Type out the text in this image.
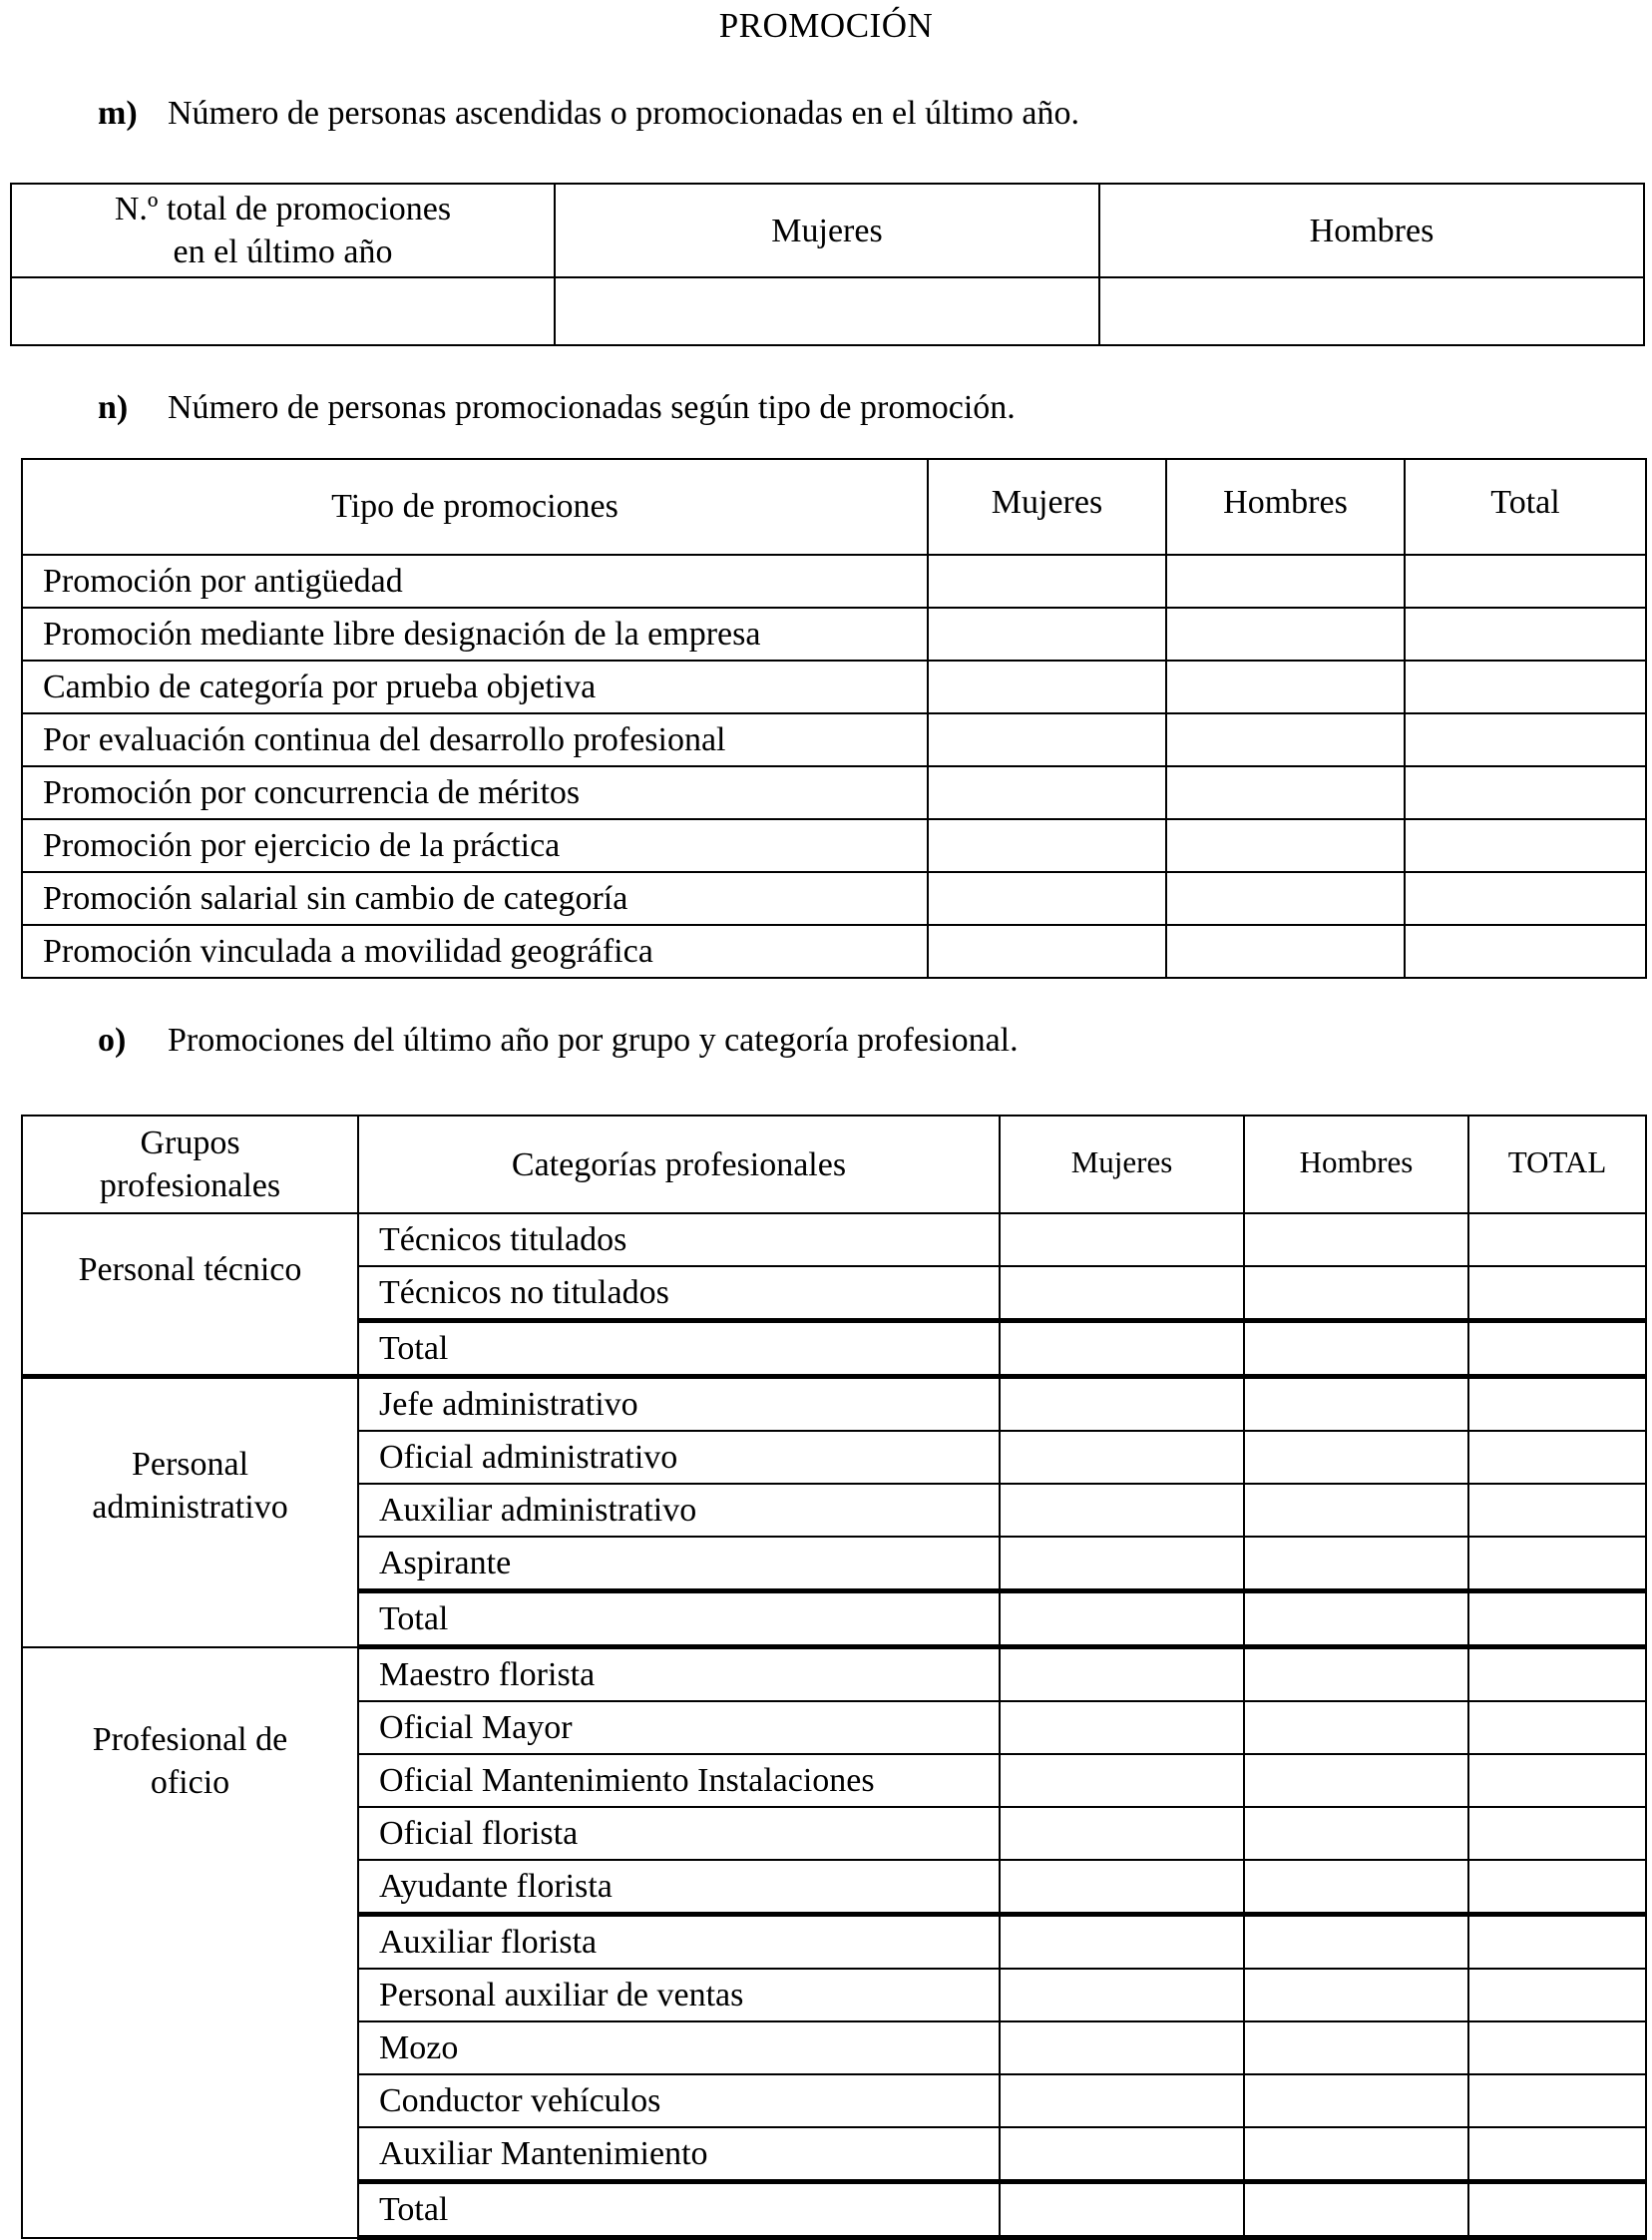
PROMOCIÓN
m) Número de personas ascendidas o promocionadas en el último año.
N.º total de promociones
en el último año	Mujeres	Hombres

n) Número de personas promocionadas según tipo de promoción.
Tipo de promociones	Mujeres	Hombres	Total
Promoción por antigüedad			
Promoción mediante libre designación de la empresa			
Cambio de categoría por prueba objetiva			
Por evaluación continua del desarrollo profesional			
Promoción por concurrencia de méritos			
Promoción por ejercicio de la práctica			
Promoción salarial sin cambio de categoría			
Promoción vinculada a movilidad geográfica			
o) Promociones del último año por grupo y categoría profesional.
Grupos
profesionales	Categorías profesionales	Mujeres	Hombres	TOTAL

Personal técnico	Técnicos titulados			
	Técnicos no titulados			
	Total			

Personal
administrativo	Jefe administrativo			
	Oficial administrativo			
	Auxiliar administrativo			
	Aspirante			
	Total			

Profesional de
oficio	Maestro florista			
	Oficial Mayor			
	Oficial Mantenimiento Instalaciones			
	Oficial florista			
	Ayudante florista			
	Auxiliar florista			
	Personal auxiliar de ventas			
	Mozo			
	Conductor vehículos			
	Auxiliar Mantenimiento			
	Total			
